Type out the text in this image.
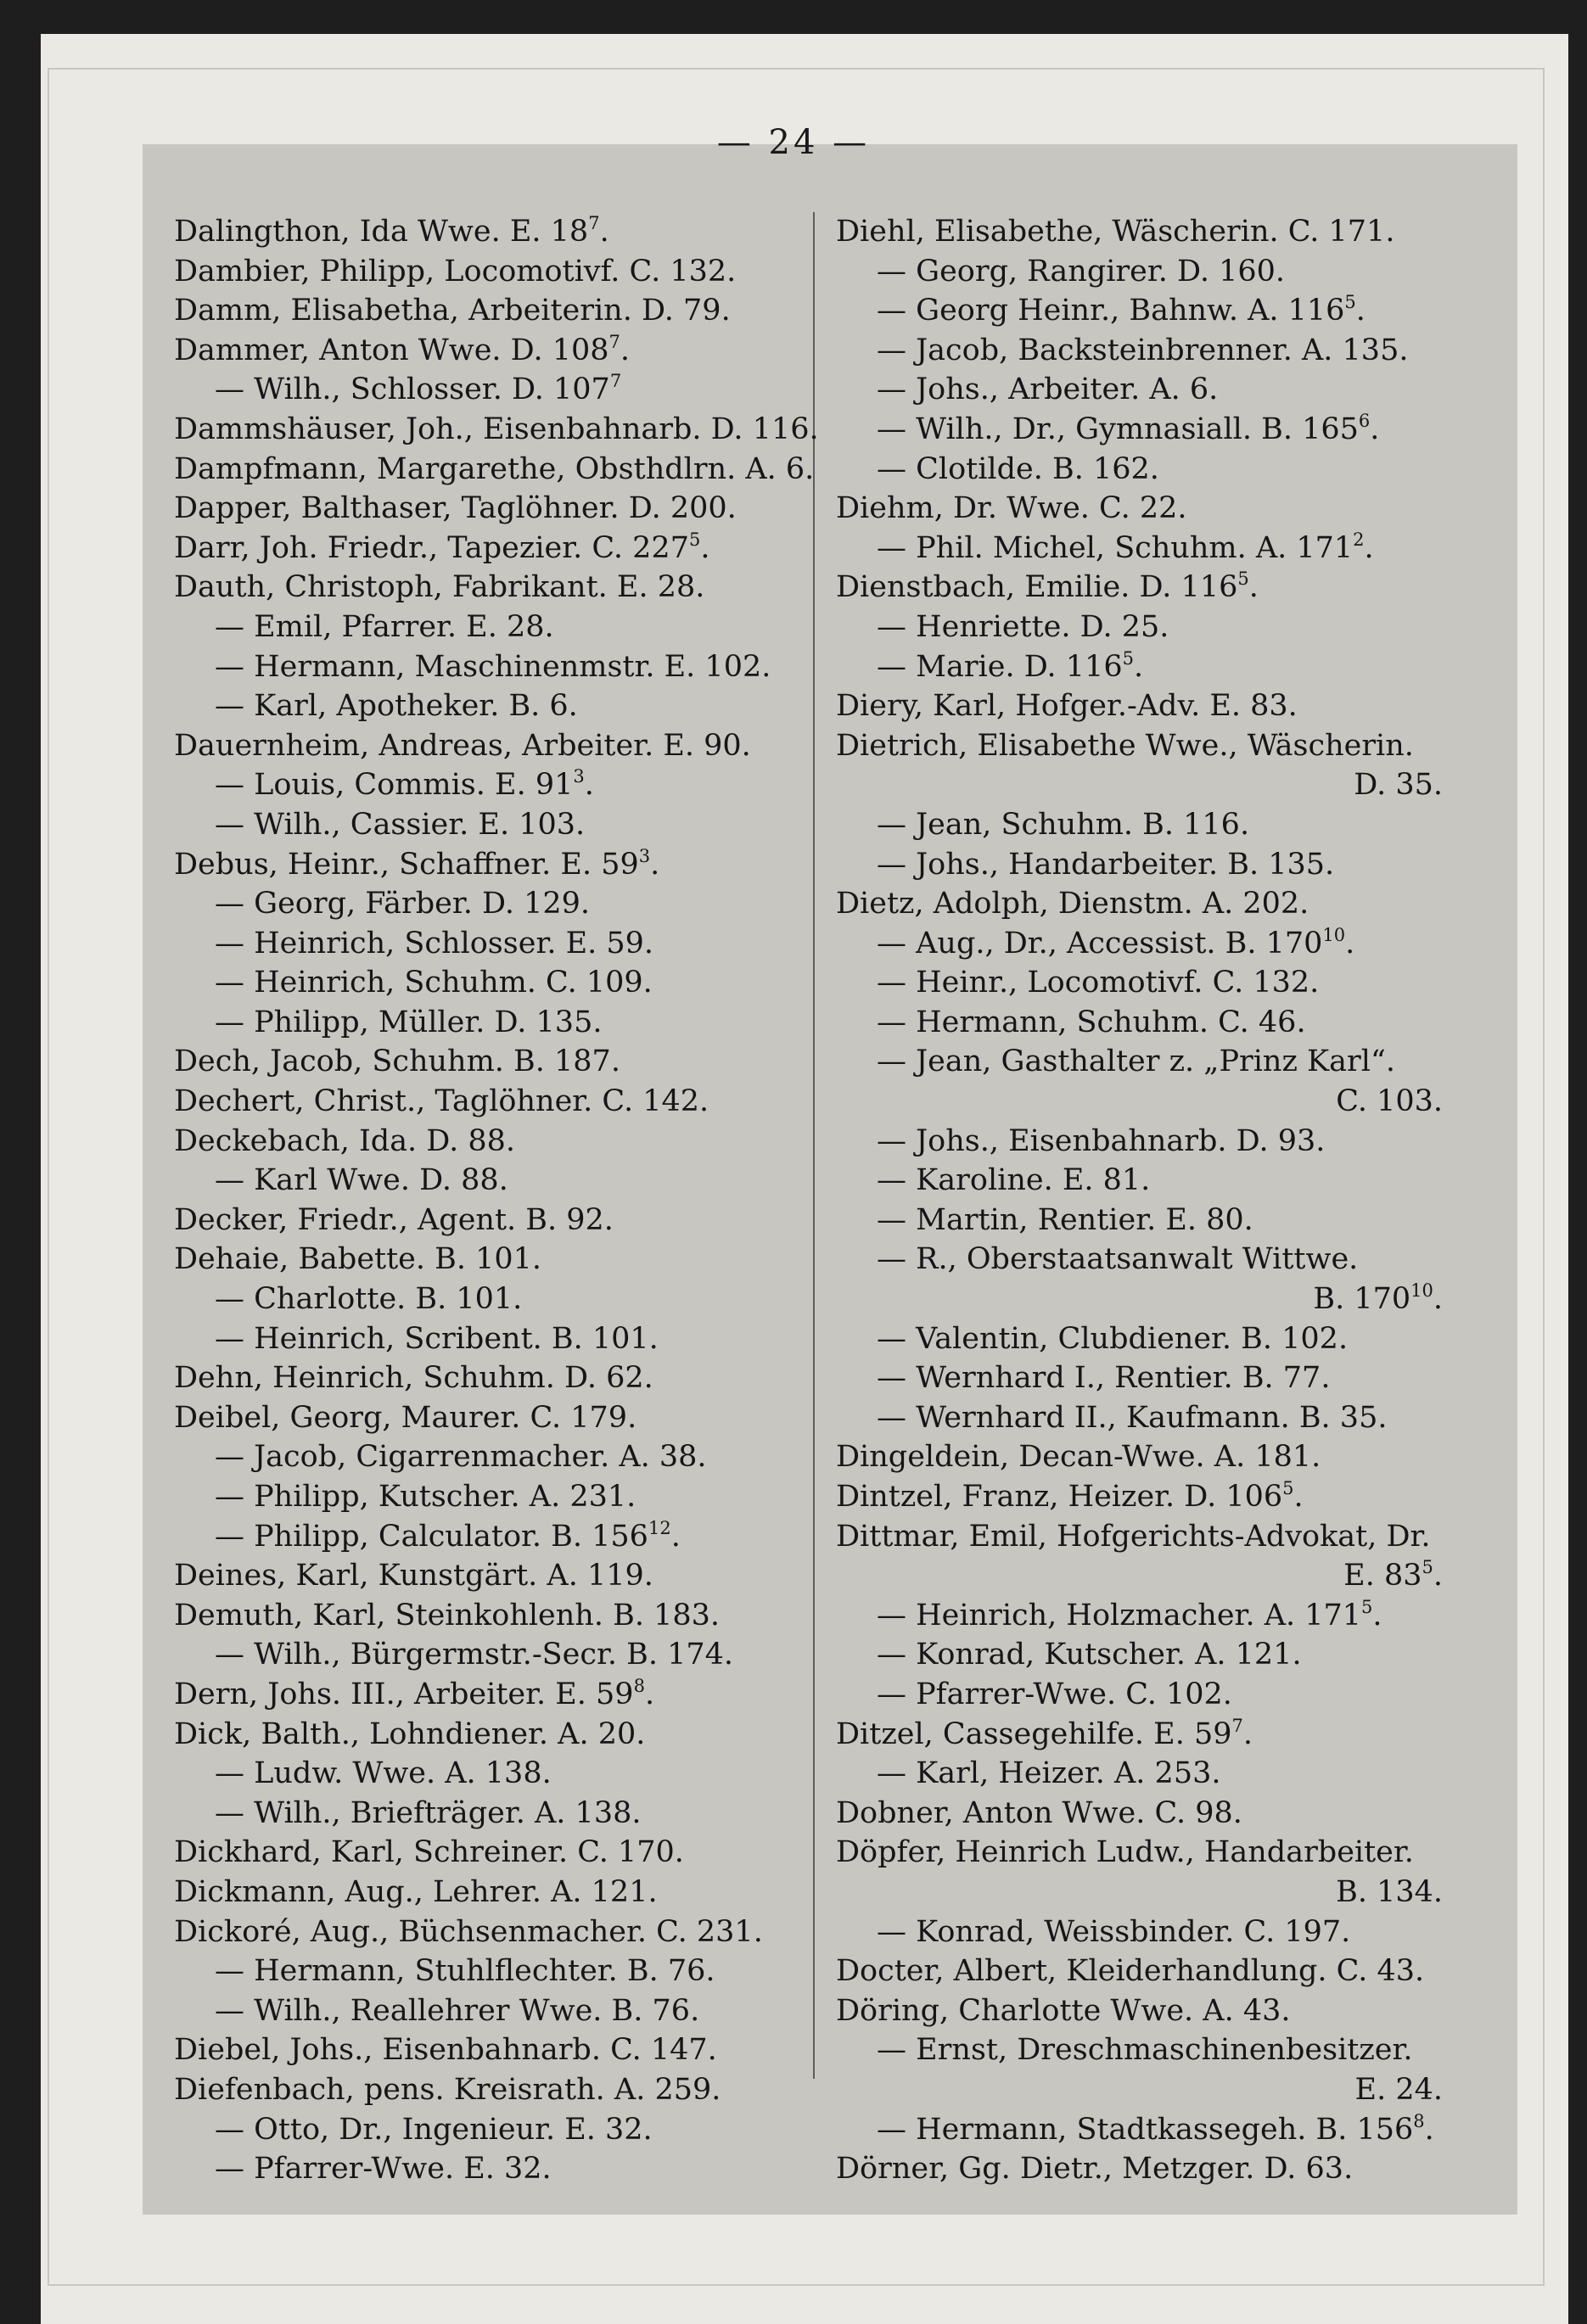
— 24 —
Dalingthon, Ida Wwe. E. $18^7$.
Dambier, Philipp, Locomotivf. C. 132.
Damm, Elisabetha, Arbeiterin. D. 79.
Dammer, Anton Wwe. D. $108^7$.
— Wilh., Schlosser. D. $107^7$
Dammshäuser, Joh., Eisenbahnarb. D. 116.
Dampfmann, Margarethe, Obsthdlrn. A. 6.
Dapper, Balthaser, Taglöhner. D. 200.
Darr, Joh. Friedr., Tapezier. C. $227^5$.
Dauth, Christoph, Fabrikant. E. 28.
— Emil, Pfarrer. E. 28.
— Hermann, Maschinenmstr. E. 102.
— Karl, Apotheker. B. 6.
Dauernheim, Andreas, Arbeiter. E. 90.
— Louis, Commis. E. $91^3$.
— Wilh., Cassier. E. 103.
Debus, Heinr., Schaffner. E. $59^3$.
— Georg, Färber. D. 129.
— Heinrich, Schlosser. E. 59.
— Heinrich, Schuhm. C. 109.
— Philipp, Müller. D. 135.
Dech, Jacob, Schuhm. B. 187.
Dechert, Christ., Taglöhner. C. 142.
Deckebach, Ida. D. 88.
— Karl Wwe. D. 88.
Decker, Friedr., Agent. B. 92.
Dehaie, Babette. B. 101.
— Charlotte. B. 101.
— Heinrich, Scribent. B. 101.
Dehn, Heinrich, Schuhm. D. 62.
Deibel, Georg, Maurer. C. 179.
— Jacob, Cigarrenmacher. A. 38.
— Philipp, Kutscher. A. 231.
— Philipp, Calculator. B. $156^{12}$.
Deines, Karl, Kunstgärt. A. 119.
Demuth, Karl, Steinkohlenh. B. 183.
— Wilh., Bürgermstr.-Secr. B. 174.
Dern, Johs. III., Arbeiter. E. $59^8$.
Dick, Balth., Lohndiener. A. 20.
— Ludw. Wwe. A. 138.
— Wilh., Briefträger. A. 138.
Dickhard, Karl, Schreiner. C. 170.
Dickmann, Aug., Lehrer. A. 121.
Dickoré, Aug., Büchsenmacher. C. 231.
— Hermann, Stuhlflechter. B. 76.
— Wilh., Reallehrer Wwe. B. 76.
Diebel, Johs., Eisenbahnarb. C. 147.
Diefenbach, pens. Kreisrath. A. 259.
— Otto, Dr., Ingenieur. E. 32.
— Pfarrer-Wwe. E. 32.
Diehl, Elisabethe, Wäscherin. C. 171.
— Georg, Rangirer. D. 160.
— Georg Heinr., Bahnw. A. $116^5$.
— Jacob, Backsteinbrenner. A. 135.
— Johs., Arbeiter. A. 6.
— Wilh., Dr., Gymnasiall. B. $165^6$.
— Clotilde. B. 162.
Diehm, Dr. Wwe. C. 22.
— Phil. Michel, Schuhm. A. $171^2$.
Dienstbach, Emilie. D. $116^5$.
— Henriette. D. 25.
— Marie. D. $116^5$.
Diery, Karl, Hofger.-Adv. E. 83.
Dietrich, Elisabethe Wwe., Wäscherin.
D. 35.
— Jean, Schuhm. B. 116.
— Johs., Handarbeiter. B. 135.
Dietz, Adolph, Dienstm. A. 202.
— Aug., Dr., Accessist. B. $170^{10}$.
— Heinr., Locomotivf. C. 132.
— Hermann, Schuhm. C. 46.
— Jean, Gasthalter z. „Prinz Karl“.
C. 103.
— Johs., Eisenbahnarb. D. 93.
— Karoline. E. 81.
— Martin, Rentier. E. 80.
— R., Oberstaatsanwalt Wittwe.
B. $170^{10}$.
— Valentin, Clubdiener. B. 102.
— Wernhard I., Rentier. B. 77.
— Wernhard II., Kaufmann. B. 35.
Dingeldein, Decan-Wwe. A. 181.
Dintzel, Franz, Heizer. D. $106^5$.
Dittmar, Emil, Hofgerichts-Advokat, Dr.
E. $83^5$.
— Heinrich, Holzmacher. A. $171^5$.
— Konrad, Kutscher. A. 121.
— Pfarrer-Wwe. C. 102.
Ditzel, Cassegehilfe. E. $59^7$.
— Karl, Heizer. A. 253.
Dobner, Anton Wwe. C. 98.
Döpfer, Heinrich Ludw., Handarbeiter.
B. 134.
— Konrad, Weissbinder. C. 197.
Docter, Albert, Kleiderhandlung. C. 43.
Döring, Charlotte Wwe. A. 43.
— Ernst, Dreschmaschinenbesitzer.
E. 24.
— Hermann, Stadtkassegeh. B. $156^8$.
Dörner, Gg. Dietr., Metzger. D. 63.
